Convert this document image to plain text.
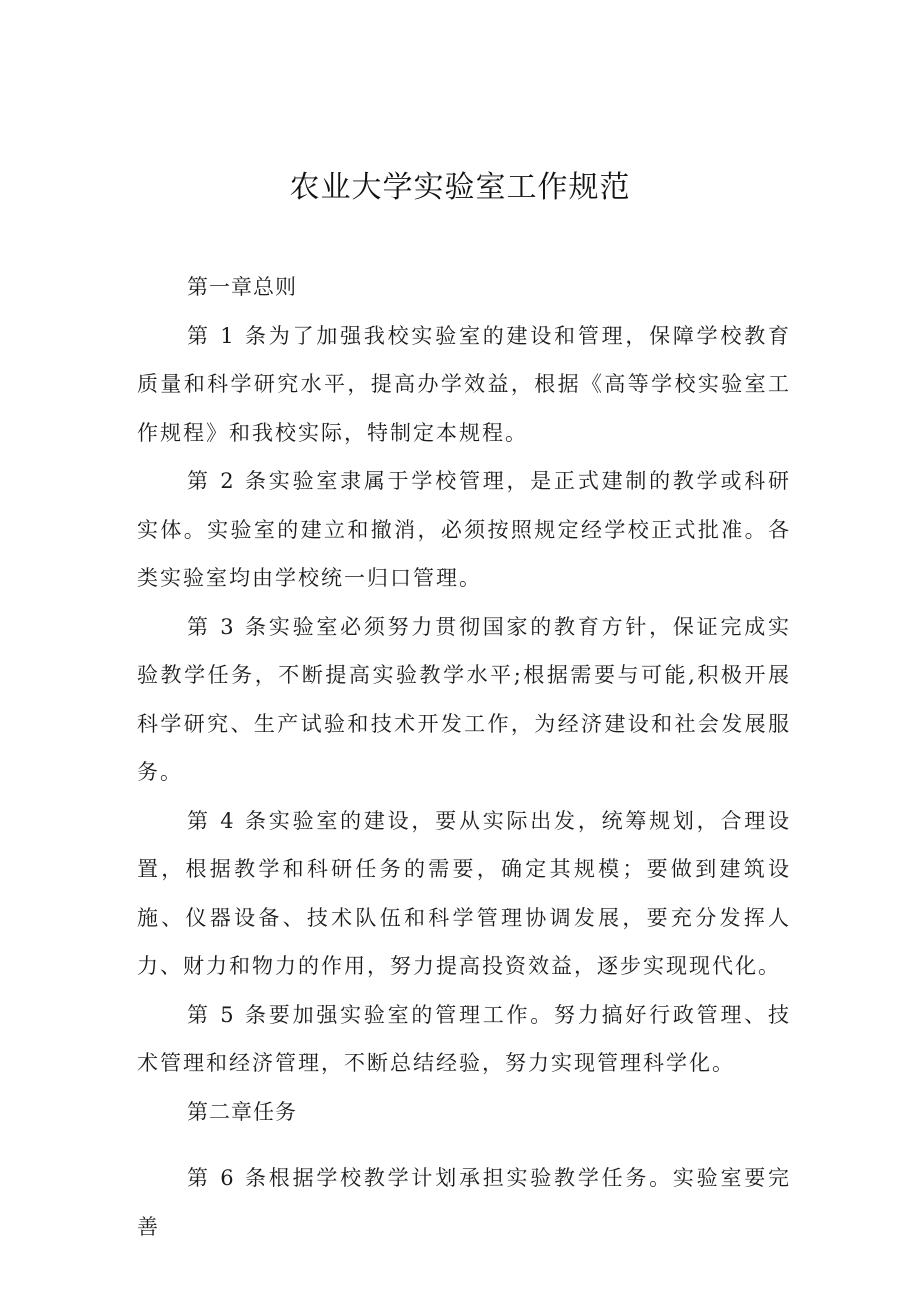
农业大学实验室工作规范

第一章总则

第 1 条为了加强我校实验室的建设和管理，保障学校教育质量和科学研究水平，提高办学效益，根据《高等学校实验室工作规程》和我校实际，特制定本规程。

第 2 条实验室隶属于学校管理，是正式建制的教学或科研实体。实验室的建立和撤消，必须按照规定经学校正式批准。各类实验室均由学校统一归口管理。

第 3 条实验室必须努力贯彻国家的教育方针，保证完成实验教学任务，不断提高实验教学水平;根据需要与可能,积极开展科学研究、生产试验和技术开发工作，为经济建设和社会发展服务。

第 4 条实验室的建设，要从实际出发，统筹规划，合理设置，根据教学和科研任务的需要，确定其规模；要做到建筑设施、仪器设备、技术队伍和科学管理协调发展，要充分发挥人力、财力和物力的作用，努力提高投资效益，逐步实现现代化。

第 5 条要加强实验室的管理工作。努力搞好行政管理、技术管理和经济管理，不断总结经验，努力实现管理科学化。

第二章任务

第 6 条根据学校教学计划承担实验教学任务。实验室要完善
